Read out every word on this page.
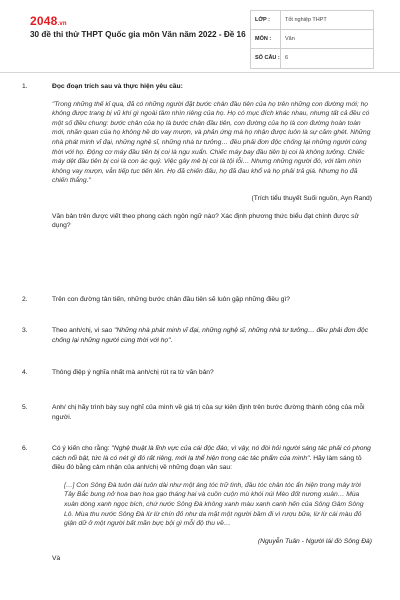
2048.vn
30 đề thi thử THPT Quốc gia môn Văn năm 2022 - Đề 16
LỚP :	Tốt nghiệp THPT
MÔN :	Văn
SỐ CÂU : 6
1.	Đọc đoạn trích sau và thực hiện yêu cầu:
"Trong những thế kỉ qua, đã có những người đặt bước chân đầu tiên của họ trên những con đường mới; họ không được trang bị vũ khí gì ngoài tầm nhìn riêng của họ. Họ có mục đích khác nhau, nhưng tất cả đều có một số điều chung: bước chân của họ là bước chân đầu tiên, con đường của họ là con đường hoàn toàn mới, nhãn quan của họ không hề do vay mượn, và phản ứng mà họ nhận được luôn là sự căm ghét. Những nhà phát minh vĩ đại, những nghệ sĩ, những nhà tư tưởng… đều phải đơn độc chống lại những người cùng thời với họ. Động cơ máy đầu tiên bị coi là ngu xuẩn. Chiếc máy bay đầu tiên bị coi là không tưởng. Chiếc máy dệt đầu tiên bị coi là con ác quỷ. Việc gây mê bị coi là tội lỗi… Nhưng những người đó, với tầm nhìn không vay mượn, vẫn tiếp tục tiến lên. Họ đã chiến đấu, họ đã đau khổ và họ phải trả giá. Nhưng họ đã chiến thắng."
(Trích tiểu thuyết Suối nguồn, Ayn Rand)
Văn bản trên được viết theo phong cách ngôn ngữ nào? Xác định phương thức biểu đạt chính được sử dụng?
2.	Trên con đường tân tiến, những bước chân đầu tiên sẽ luôn gặp những điều gì?
3.	Theo anh/chị, vì sao "Những nhà phát minh vĩ đại, những nghệ sĩ, những nhà tư tưởng… đều phải đơn độc chống lại những người cùng thời với họ".
4.	Thông điệp ý nghĩa nhất mà anh/chị rút ra từ văn bản?
5.	Anh/ chị hãy trình bày suy nghĩ của mình về giá trị của sự kiên định trên bước đường thành công của mỗi người.
6.	Có ý kiến cho rằng: "Nghệ thuật là lĩnh vực của cái độc đáo, vì vậy, nó đòi hỏi người sáng tác phải có phong cách nổi bật, tức là có nét gì đó rất riêng, mới lạ thể hiện trong các tác phẩm của mình". Hãy làm sáng tỏ điều đó bằng cảm nhận của anh/chị về những đoạn văn sau:
[…] Con Sông Đà tuôn dài tuôn dài như một áng tóc trữ tình, đầu tóc chân tóc ẩn hiện trong mây trời Tây Bắc bung nở hoa ban hoa gạo tháng hai và cuồn cuộn mù khói núi Mèo đốt nương xuân… Mùa xuân dòng xanh ngọc bích, chứ nước Sông Đà không xanh màu xanh canh hến của Sông Gâm Sông Lô. Mùa thu nước Sông Đà lừ lừ chín đỏ như da mặt một người bầm đi vì rượu bữa, lừ lừ cái màu đỏ giận dữ ở một người bất mãn bực bội gì mỗi độ thu về…
(Nguyễn Tuân - Người lái đò Sông Đà)
Và
